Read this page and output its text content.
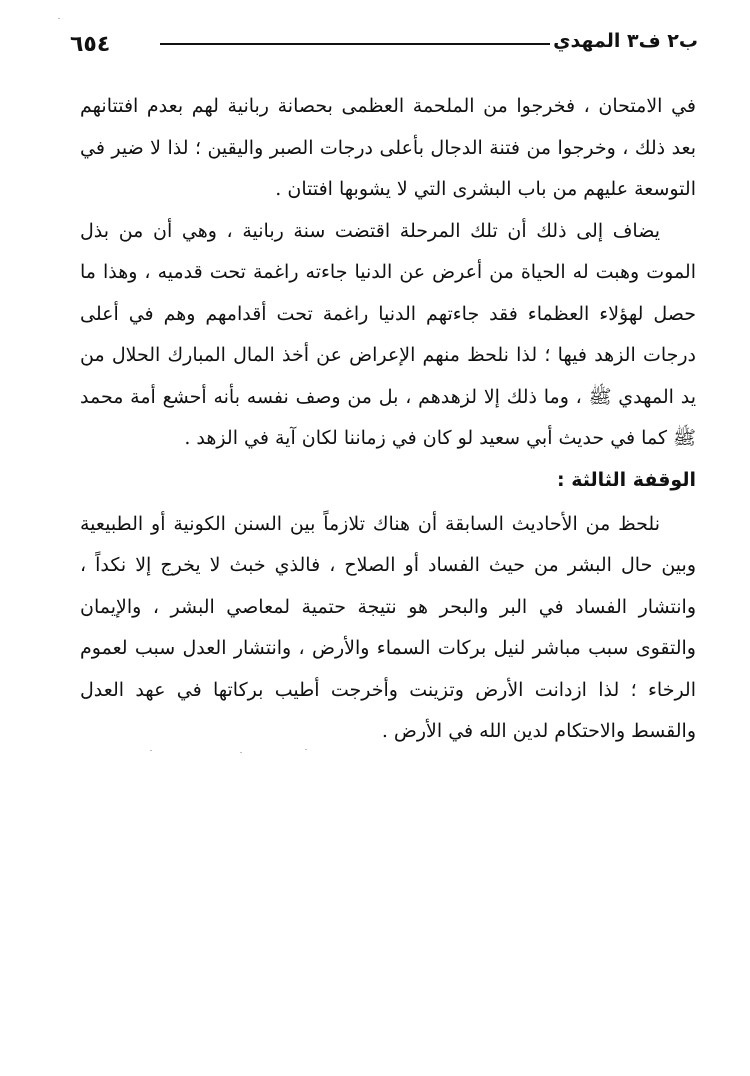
٦٥٤	ب٢ ف٣ المهدي

في الامتحان ، فخرجوا من الملحمة العظمى بحصانة ربانية لهم بعدم افتتانهم بعد ذلك ، وخرجوا من فتنة الدجال بأعلى درجات الصبر واليقين ؛ لذا لا ضير في التوسعة عليهم من باب البشرى التي لا يشوبها افتتان .

يضاف إلى ذلك أن تلك المرحلة اقتضت سنة ربانية ، وهي أن من بذل الموت وهبت له الحياة من أعرض عن الدنيا جاءته راغمة تحت قدميه ، وهذا ما حصل لهؤلاء العظماء فقد جاءتهم الدنيا راغمة تحت أقدامهم وهم في أعلى درجات الزهد فيها ؛ لذا نلحظ منهم الإعراض عن أخذ المال المبارك الحلال من يد المهدي ﷺ ، وما ذلك إلا لزهدهم ، بل من وصف نفسه بأنه أحشع أمة محمد ﷺ كما في حديث أبي سعيد لو كان في زماننا لكان آية في الزهد .

الوقفة الثالثة :

نلحظ من الأحاديث السابقة أن هناك تلازماً بين السنن الكونية أو الطبيعية وبين حال البشر من حيث الفساد أو الصلاح ، فالذي خبث لا يخرج إلا نكداً ، وانتشار الفساد في البر والبحر هو نتيجة حتمية لمعاصي البشر ، والإيمان والتقوى سبب مباشر لنيل بركات السماء والأرض ، وانتشار العدل سبب لعموم الرخاء ؛ لذا ازدانت الأرض وتزينت وأخرجت أطيب بركاتها في عهد العدل والقسط والاحتكام لدين الله في الأرض .
